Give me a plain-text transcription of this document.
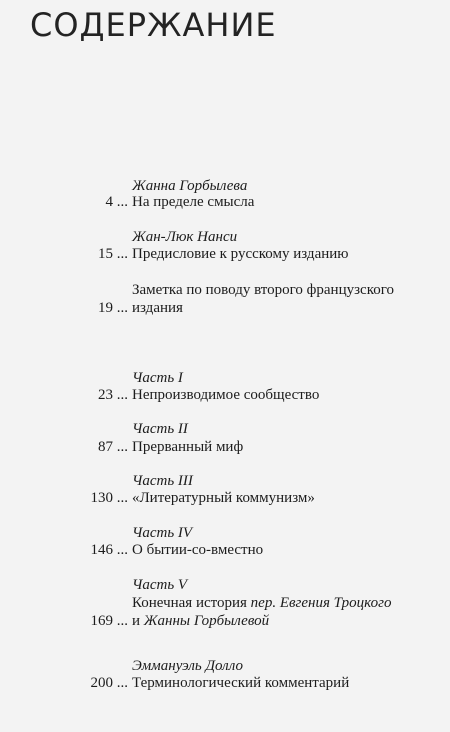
СОДЕРЖАНИЕ
Жанна Горбылева
4 ... На пределе смысла
Жан-Люк Нанси
15 ... Предисловие к русскому изданию
Заметка по поводу второго французского
19 ... издания
Часть I
23 ... Непроизводимое сообщество
Часть II
87 ... Прерванный миф
Часть III
130 ... «Литературный коммунизм»
Часть IV
146 ... О бытии-со-вместно
Часть V
Конечная история пер. Евгения Троцкого
169 ... и Жанны Горбылевой
Эммануэль Долло
200 ... Терминологический комментарий
